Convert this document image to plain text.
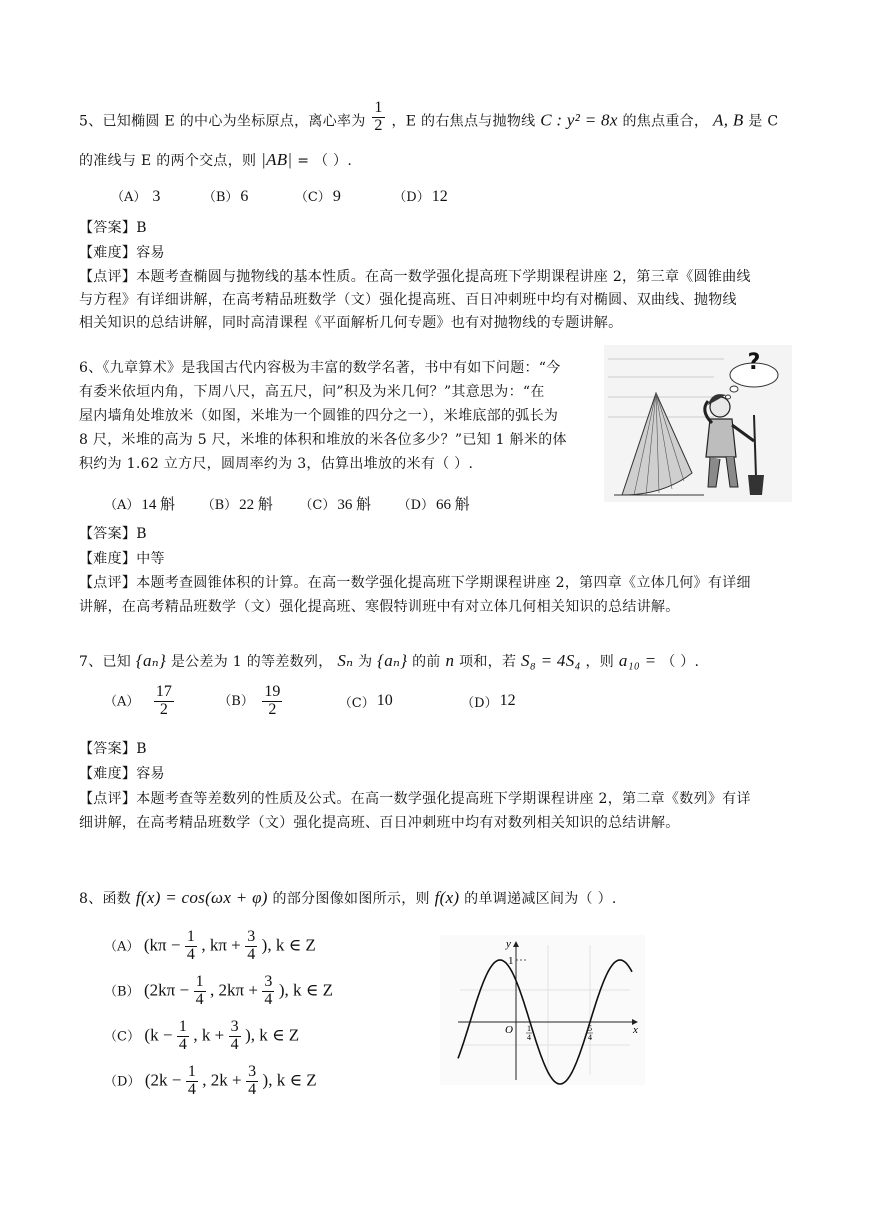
5、已知椭圆 E 的中心为坐标原点，离心率为 $\frac{1}{2}$ ，E 的右焦点与抛物线 C : y² = 8x 的焦点重合， A, B 是 C
的准线与 E 的两个交点，则 |AB| = （ ）.
（A） 3	（B） 6	（C） 9	（D） 12
【答案】B
【难度】容易
【点评】本题考查椭圆与抛物线的基本性质。在高一数学强化提高班下学期课程讲座 2，第三章《圆锥曲线
与方程》有详细讲解，在高考精品班数学（文）强化提高班、百日冲刺班中均有对椭圆、双曲线、抛物线
相关知识的总结讲解，同时高清课程《平面解析几何专题》也有对抛物线的专题讲解。
6、《九章算术》是我国古代内容极为丰富的数学名著，书中有如下问题：“今
有委米依垣内角，下周八尺，高五尺，问”积及为米几何？”其意思为：“在
屋内墙角处堆放米（如图，米堆为一个圆锥的四分之一），米堆底部的弧长为
8 尺，米堆的高为 5 尺，米堆的体积和堆放的米各位多少？”已知 1 斛米的体
积约为 1.62 立方尺，圆周率约为 3，估算出堆放的米有（ ）.
?
（A） 14 斛 （B） 22 斛 （C） 36 斛 （D） 66 斛
【答案】B
【难度】中等
【点评】本题考查圆锥体积的计算。在高一数学强化提高班下学期课程讲座 2，第四章《立体几何》有详细
讲解，在高考精品班数学（文）强化提高班、寒假特训班中有对立体几何相关知识的总结讲解。
7、已知 {aₙ} 是公差为 1 的等差数列， Sₙ 为 {aₙ} 的前 n 项和，若 S₈ = 4S₄ ，则 a₁₀ = （ ）.
$(A) \frac{17}{2}$	$(B) \frac{19}{2}$	（C） 10	（D） 12
【答案】B
【难度】容易
【点评】本题考查等差数列的性质及公式。在高一数学强化提高班下学期课程讲座 2，第二章《数列》有详
细讲解，在高考精品班数学（文）强化提高班、百日冲刺班中均有对数列相关知识的总结讲解。
8、函数 f(x) = cos(ωx + φ) 的部分图像如图所示，则 f(x) 的单调递减区间为（ ）.
（A） ($k\pi - \frac{1}{4}$ , $k\pi + \frac{3}{4}$ ), k ∈ Z
（B） ($2k\pi - \frac{1}{4}$ , $2k\pi + \frac{3}{4}$ ), k ∈ Z
（C） ($k - \frac{1}{4}$ , $k + \frac{3}{4}$ ), k ∈ Z
（D） ($2k - \frac{1}{4}$ , $2k + \frac{3}{4}$ ), k ∈ Z
y
x
O
1
1
4
5
4
